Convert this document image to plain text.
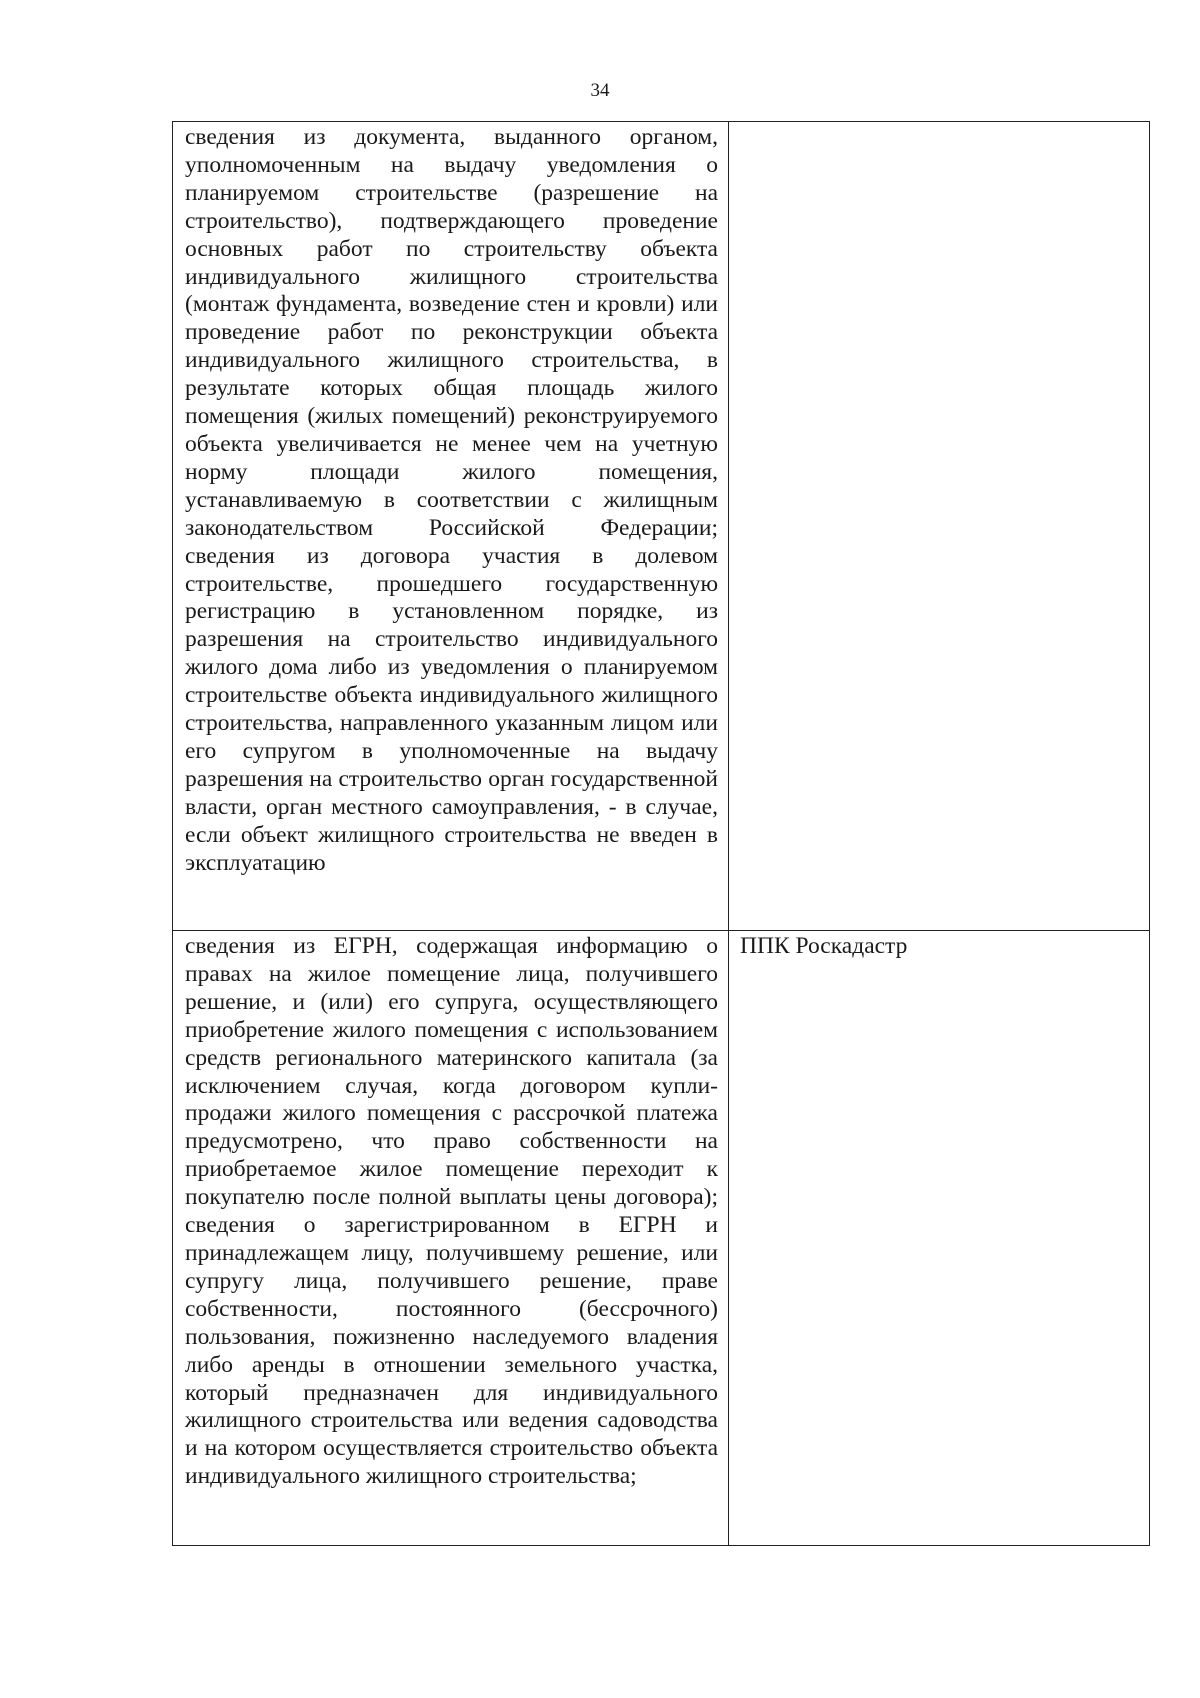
34
сведения из документа, выданного органом, уполномоченным на выдачу уведомления о планируемом строительстве (разрешение на строительство), подтверждающего проведение основных работ по строительству объекта индивидуального жилищного строительства (монтаж фундамента, возведение стен и кровли) или проведение работ по реконструкции объекта индивидуального жилищного строительства, в результате которых общая площадь жилого помещения (жилых помещений) реконструируемого объекта увеличивается не менее чем на учетную норму площади жилого помещения, устанавливаемую в соответствии с жилищным законодательством Российской Федерации;
сведения из договора участия в долевом строительстве, прошедшего государственную регистрацию в установленном порядке, из разрешения на строительство индивидуального жилого дома либо из уведомления о планируемом строительстве объекта индивидуального жилищного строительства, направленного указанным лицом или его супругом в уполномоченные на выдачу разрешения на строительство орган государственной власти, орган местного самоуправления, - в случае, если объект жилищного строительства не введен в эксплуатацию	

сведения из ЕГРН, содержащая информацию о правах на жилое помещение лица, получившего решение, и (или) его супруга, осуществляющего приобретение жилого помещения с использованием средств регионального материнского капитала (за исключением случая, когда договором купли-продажи жилого помещения с рассрочкой платежа предусмотрено, что право собственности на приобретаемое жилое помещение переходит к покупателю после полной выплаты цены договора);
сведения о зарегистрированном в ЕГРН и принадлежащем лицу, получившему решение, или супругу лица, получившего решение, праве собственности, постоянного (бессрочного) пользования, пожизненно наследуемого владения либо аренды в отношении земельного участка, который предназначен для индивидуального жилищного строительства или ведения садоводства и на котором осуществляется строительство объекта индивидуального жилищного строительства;	ППК Роскадастр
